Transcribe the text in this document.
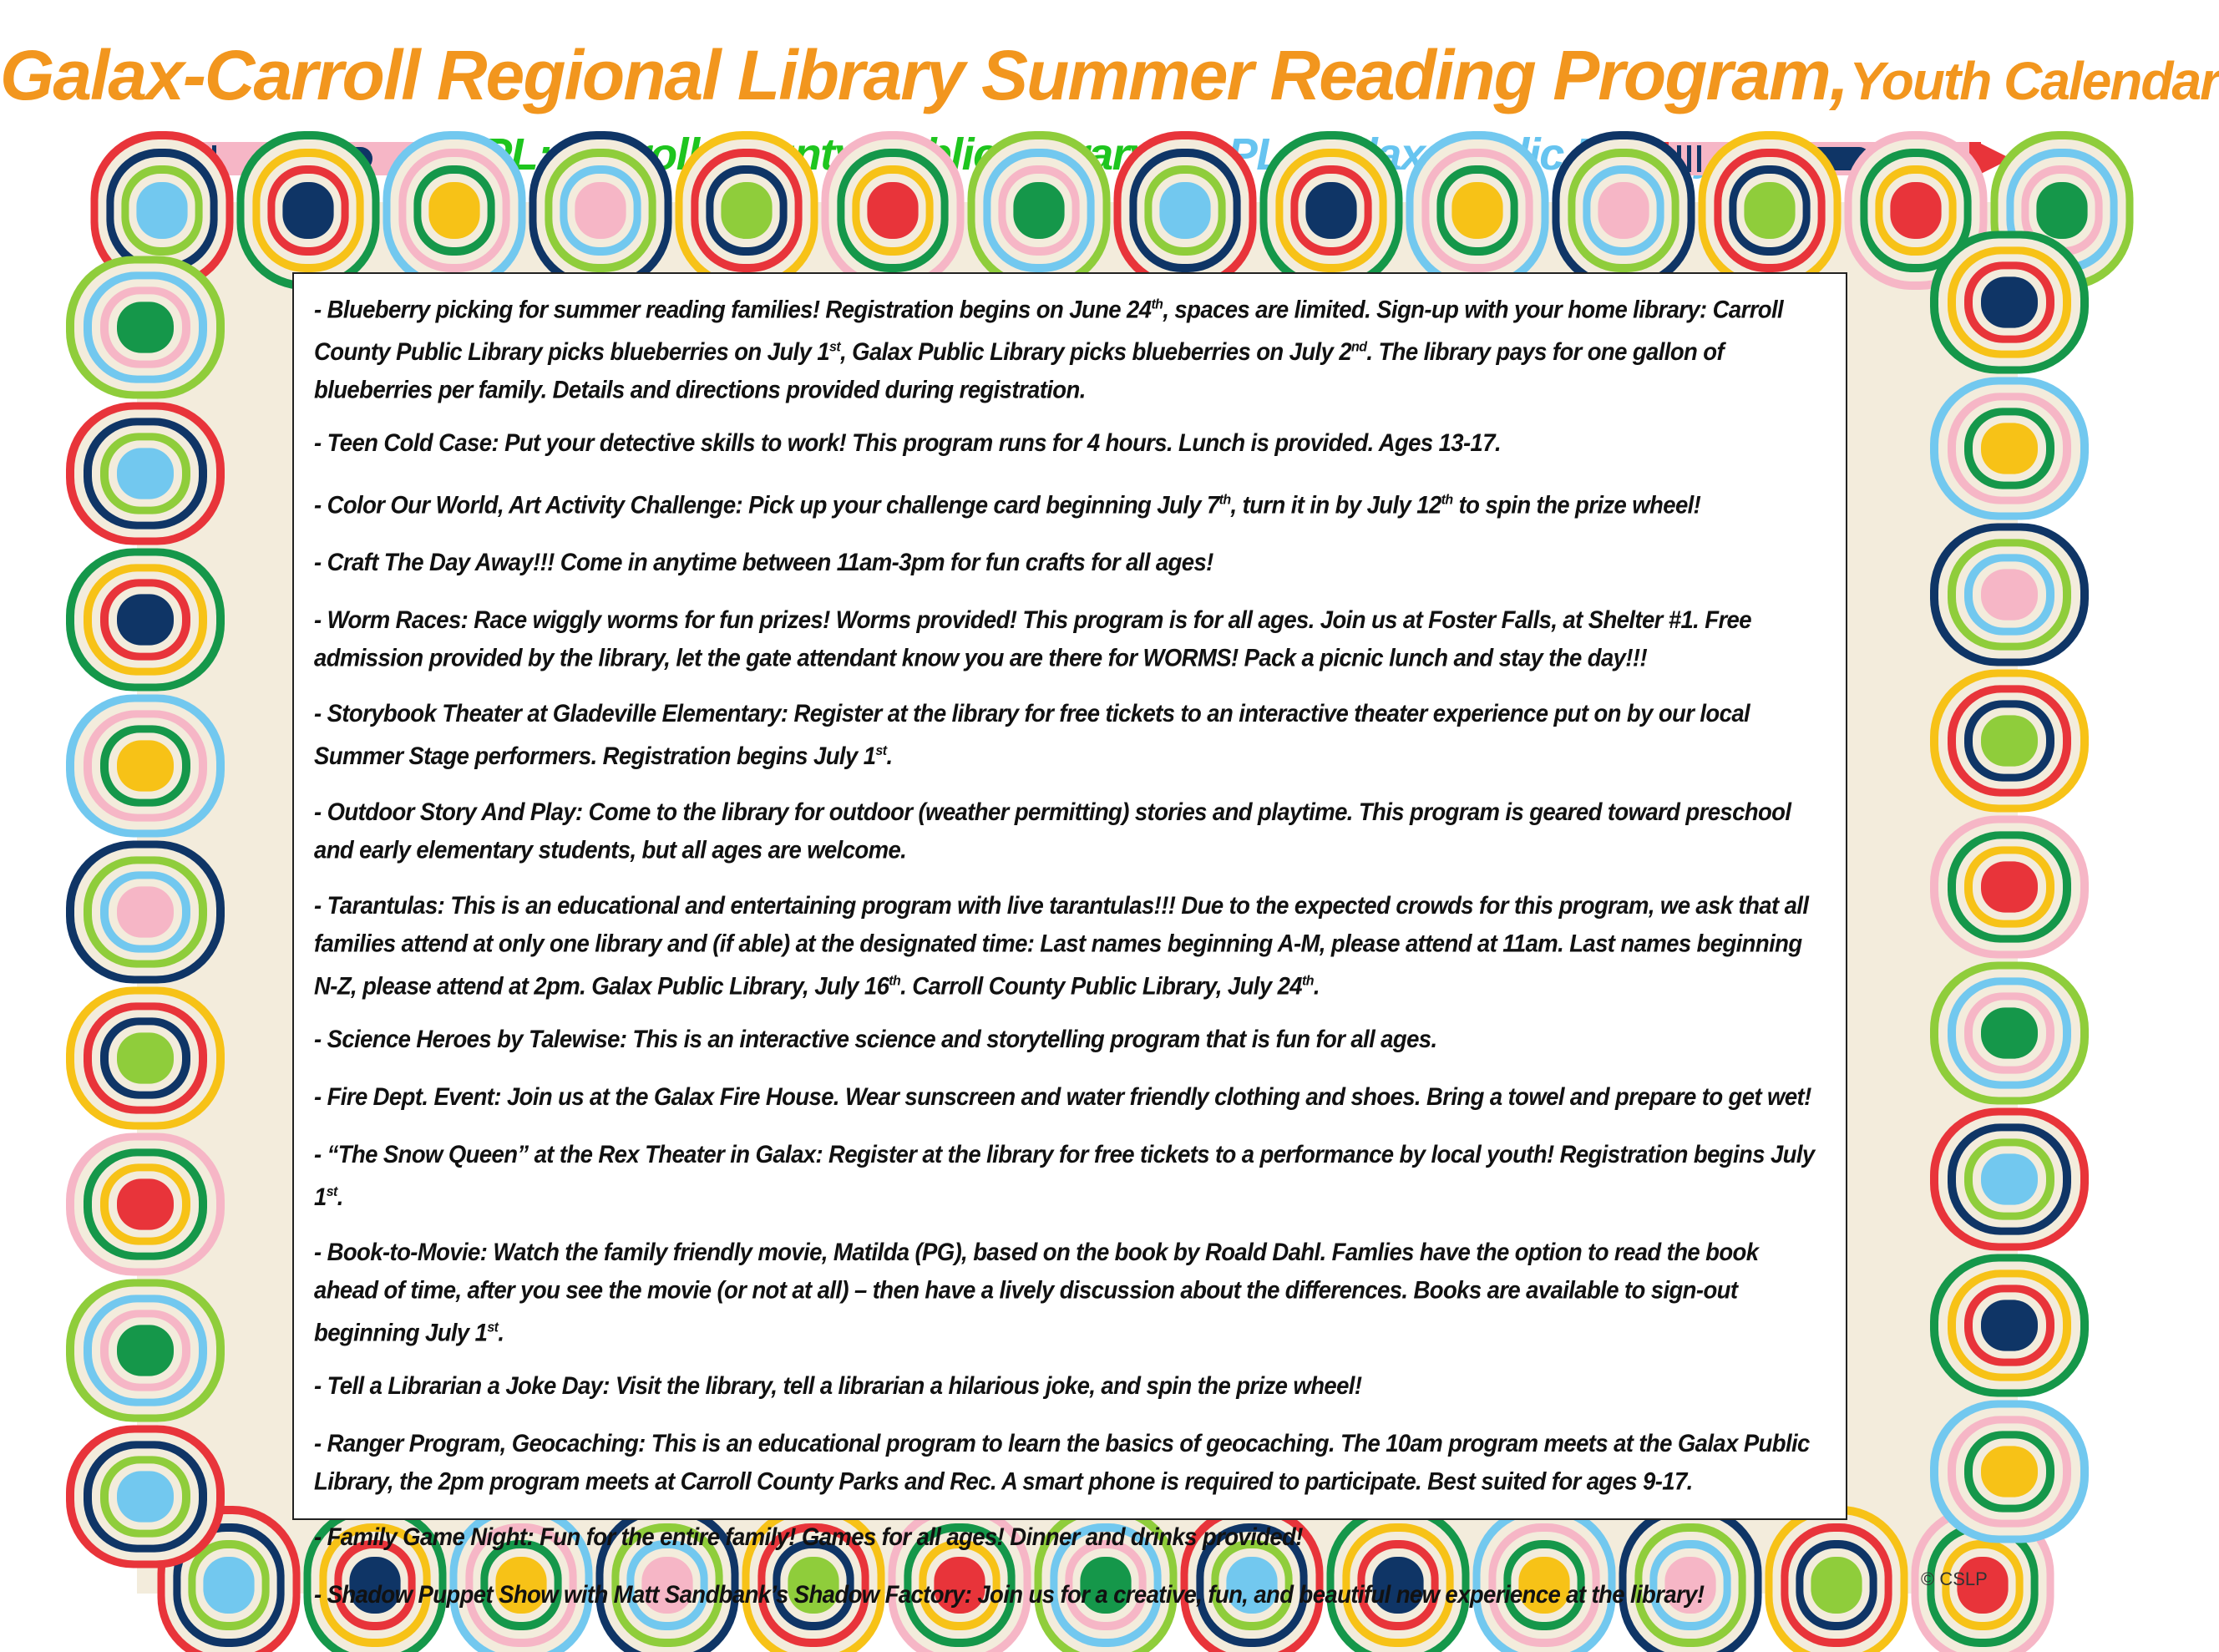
Galax-Carroll Regional Library Summer Reading Program, Youth Calendar
GPL:

- Blueberry picking for summer reading families! Registration begins on June 24th, spaces are limited. Sign-up with your home library: Carroll County Public Library picks blueberries on July 1st, Galax Public Library picks blueberries on July 2nd. The library pays for one gallon of blueberries per family. Details and directions provided during registration.

- Teen Cold Case: Put your detective skills to work! This program runs for 4 hours. Lunch is provided. Ages 13-17.

- Color Our World, Art Activity Challenge: Pick up your challenge card beginning July 7th, turn it in by July 12th to spin the prize wheel!

- Craft The Day Away!!! Come in anytime between 11am-3pm for fun crafts for all ages!

- Worm Races: Race wiggly worms for fun prizes! Worms provided! This program is for all ages. Join us at Foster Falls, at Shelter #1. Free admission provided by the library, let the gate attendant know you are there for WORMS! Pack a picnic lunch and stay the day!!!

- Storybook Theater at Gladeville Elementary: Register at the library for free tickets to an interactive theater experience put on by our local Summer Stage performers. Registration begins July 1st.

- Outdoor Story And Play: Come to the library for outdoor (weather permitting) stories and playtime. This program is geared toward preschool and early elementary students, but all ages are welcome.

- Tarantulas: This is an educational and entertaining program with live tarantulas!!! Due to the expected crowds for this program, we ask that all families attend at only one library and (if able) at the designated time: Last names beginning A-M, please attend at 11am. Last names beginning N-Z, please attend at 2pm. Galax Public Library, July 16th. Carroll County Public Library, July 24th.

- Science Heroes by Talewise: This is an interactive science and storytelling program that is fun for all ages.

- Fire Dept. Event: Join us at the Galax Fire House. Wear sunscreen and water friendly clothing and shoes. Bring a towel and prepare to get wet!

- “The Snow Queen” at the Rex Theater in Galax: Register at the library for free tickets to a performance by local youth! Registration begins July 1st.

- Book-to-Movie: Watch the family friendly movie, Matilda (PG), based on the book by Roald Dahl. Famlies have the option to read the book ahead of time, after you see the movie (or not at all) – then have a lively discussion about the differences. Books are available to sign-out beginning July 1st.

- Tell a Librarian a Joke Day: Visit the library, tell a librarian a hilarious joke, and spin the prize wheel!

- Ranger Program, Geocaching: This is an educational program to learn the basics of geocaching. The 10am program meets at the Galax Public Library, the 2pm program meets at Carroll County Parks and Rec. A smart phone is required to participate. Best suited for ages 9-17.

- Family Game Night: Fun for the entire family! Games for all ages! Dinner and drinks provided!

- Shadow Puppet Show with Matt Sandbank’s Shadow Factory: Join us for a creative, fun, and beautiful new experience at the library!

© CSLP
